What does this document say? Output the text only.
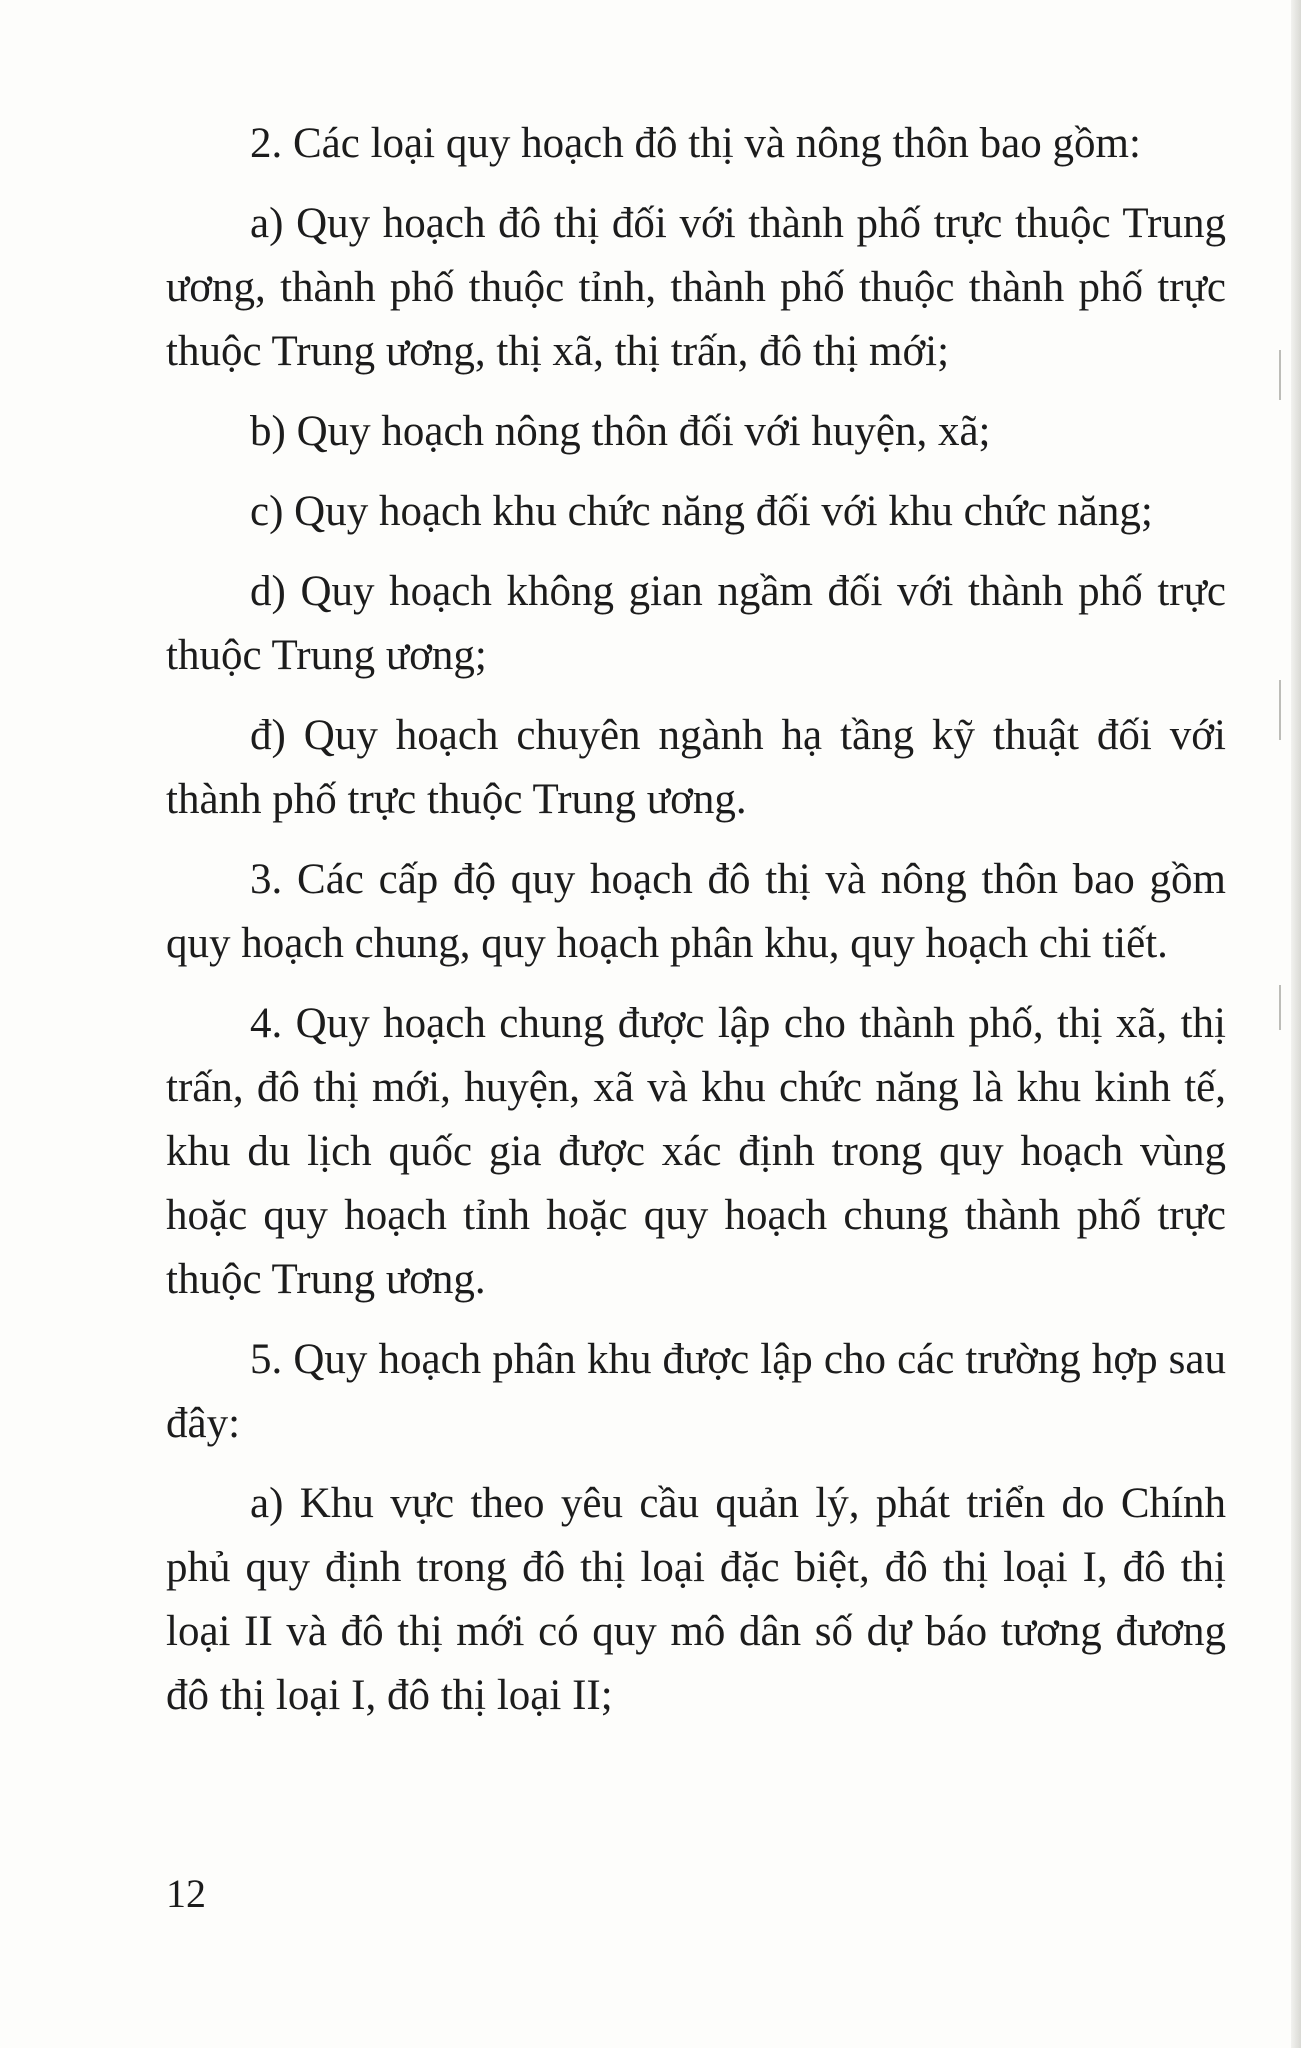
2. Các loại quy hoạch đô thị và nông thôn bao gồm:

a) Quy hoạch đô thị đối với thành phố trực thuộc Trung ương, thành phố thuộc tỉnh, thành phố thuộc thành phố trực thuộc Trung ương, thị xã, thị trấn, đô thị mới;

b) Quy hoạch nông thôn đối với huyện, xã;

c) Quy hoạch khu chức năng đối với khu chức năng;

d) Quy hoạch không gian ngầm đối với thành phố trực thuộc Trung ương;

đ) Quy hoạch chuyên ngành hạ tầng kỹ thuật đối với thành phố trực thuộc Trung ương.

3. Các cấp độ quy hoạch đô thị và nông thôn bao gồm quy hoạch chung, quy hoạch phân khu, quy hoạch chi tiết.

4. Quy hoạch chung được lập cho thành phố, thị xã, thị trấn, đô thị mới, huyện, xã và khu chức năng là khu kinh tế, khu du lịch quốc gia được xác định trong quy hoạch vùng hoặc quy hoạch tỉnh hoặc quy hoạch chung thành phố trực thuộc Trung ương.

5. Quy hoạch phân khu được lập cho các trường hợp sau đây:

a) Khu vực theo yêu cầu quản lý, phát triển do Chính phủ quy định trong đô thị loại đặc biệt, đô thị loại I, đô thị loại II và đô thị mới có quy mô dân số dự báo tương đương đô thị loại I, đô thị loại II;

12
